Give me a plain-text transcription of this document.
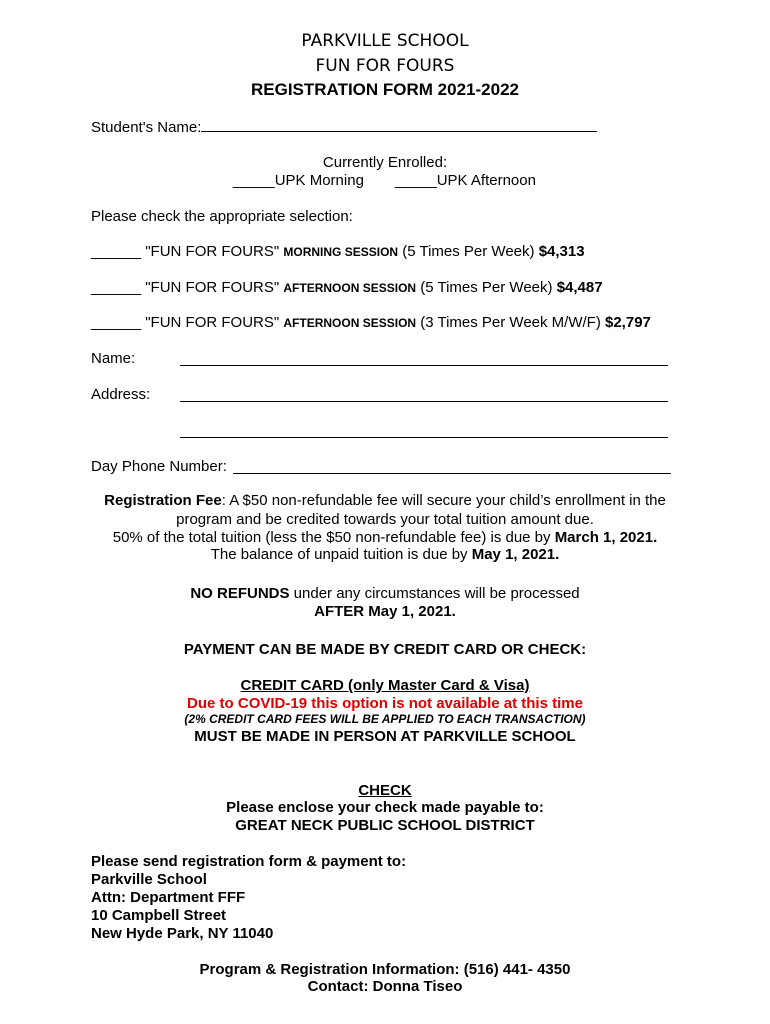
PARKVILLE SCHOOL
FUN FOR FOURS
REGISTRATION FORM 2021-2022
Student's Name:
Currently Enrolled:
_____UPK Morning _____UPK Afternoon
Please check the appropriate selection:
______ "FUN FOR FOURS" MORNING SESSION (5 Times Per Week) $4,313
______ "FUN FOR FOURS" AFTERNOON SESSION (5 Times Per Week) $4,487
______ "FUN FOR FOURS" AFTERNOON SESSION (3 Times Per Week M/W/F) $2,797
Name:
Address:
Day Phone Number:
Registration Fee: A $50 non-refundable fee will secure your child’s enrollment in the
program and be credited towards your total tuition amount due.
50% of the total tuition (less the $50 non-refundable fee) is due by March 1, 2021.
The balance of unpaid tuition is due by May 1, 2021.
NO REFUNDS under any circumstances will be processed
AFTER May 1, 2021.
PAYMENT CAN BE MADE BY CREDIT CARD OR CHECK:
CREDIT CARD (only Master Card & Visa)
Due to COVID-19 this option is not available at this time
(2% CREDIT CARD FEES WILL BE APPLIED TO EACH TRANSACTION)
MUST BE MADE IN PERSON AT PARKVILLE SCHOOL
CHECK
Please enclose your check made payable to:
GREAT NECK PUBLIC SCHOOL DISTRICT
Please send registration form & payment to:
Parkville School
Attn: Department FFF
10 Campbell Street
New Hyde Park, NY 11040
Program & Registration Information: (516) 441- 4350
Contact: Donna Tiseo
